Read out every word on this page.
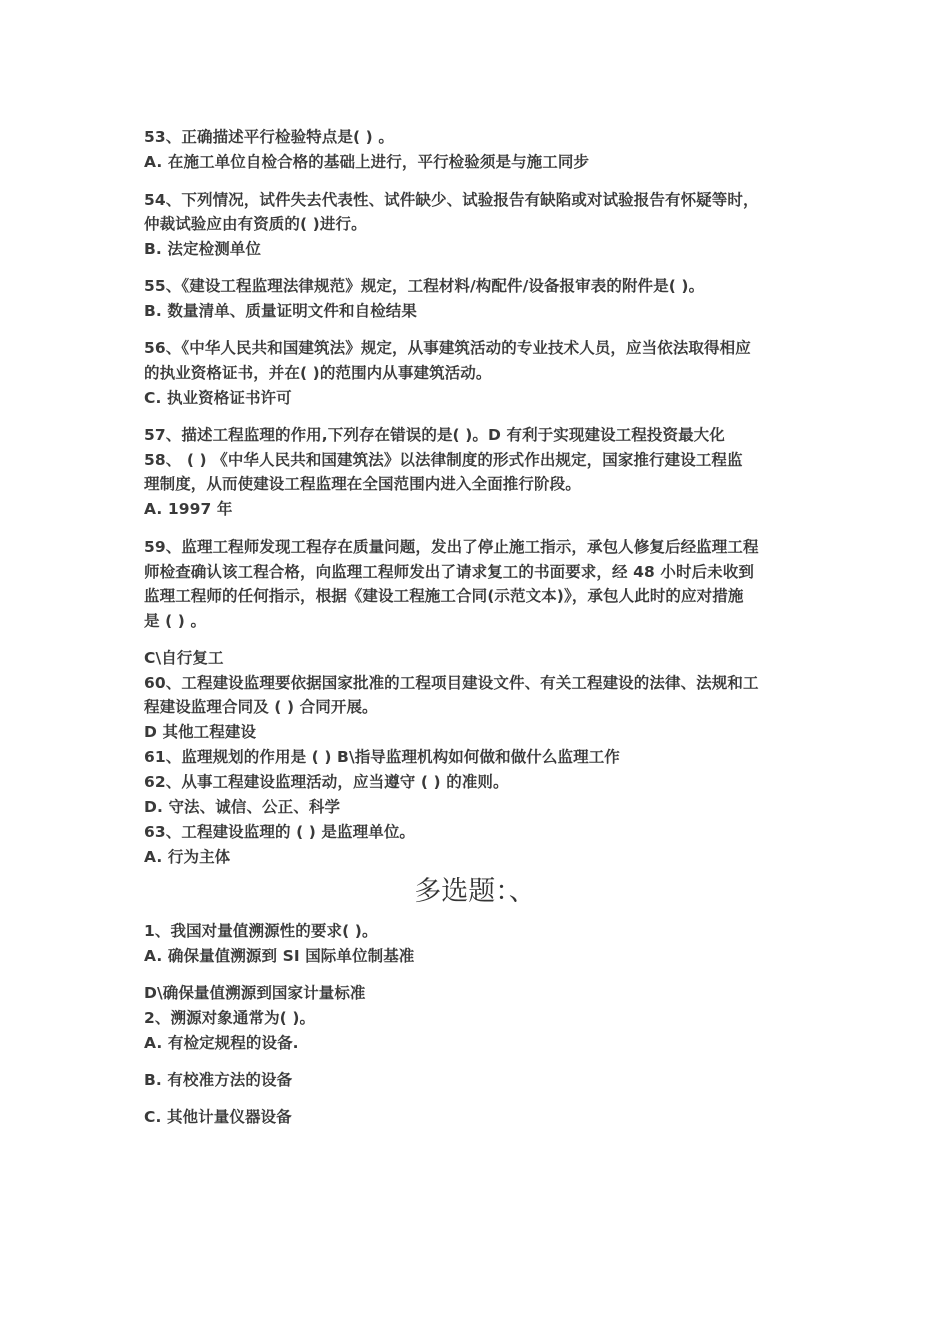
53、正确描述平行检验特点是( ) 。
A. 在施工单位自检合格的基础上进行，平行检验须是与施工同步
54、下列情况，试件失去代表性、试件缺少、试验报告有缺陷或对试验报告有怀疑等时，
仲裁试验应由有资质的( )进行。
B. 法定检测单位
55、《建设工程监理法律规范》规定，工程材料/构配件/设备报审表的附件是( )。
B. 数量清单、质量证明文件和自检结果
56、《中华人民共和国建筑法》规定，从事建筑活动的专业技术人员，应当依法取得相应
的执业资格证书，并在( )的范围内从事建筑活动。
C. 执业资格证书许可
57、描述工程监理的作用,下列存在错误的是( )。D 有利于实现建设工程投资最大化
58、 ( ) 《中华人民共和国建筑法》以法律制度的形式作出规定，国家推行建设工程监
理制度，从而使建设工程监理在全国范围内进入全面推行阶段。
A. 1997 年
59、监理工程师发现工程存在质量问题，发出了停止施工指示，承包人修复后经监理工程
师检查确认该工程合格，向监理工程师发出了请求复工的书面要求，经 48 小时后未收到
监理工程师的任何指示，根据《建设工程施工合同(示范文本)》，承包人此时的应对措施
是 ( ) 。
C\自行复工
60、工程建设监理要依据国家批准的工程项目建设文件、有关工程建设的法律、法规和工
程建设监理合同及 ( ) 合同开展。
D 其他工程建设
61、监理规划的作用是 ( ) B\指导监理机构如何做和做什么监理工作
62、从事工程建设监理活动，应当遵守 ( ) 的准则。
D. 守法、诚信、公正、科学
63、工程建设监理的 ( ) 是监理单位。
A. 行为主体
多选题：、
1、我国对量值溯源性的要求( )。
A. 确保量值溯源到 SI 国际单位制基准
D\确保量值溯源到国家计量标准
2、溯源对象通常为( )。
A. 有检定规程的设备.
B. 有校准方法的设备
C. 其他计量仪器设备
